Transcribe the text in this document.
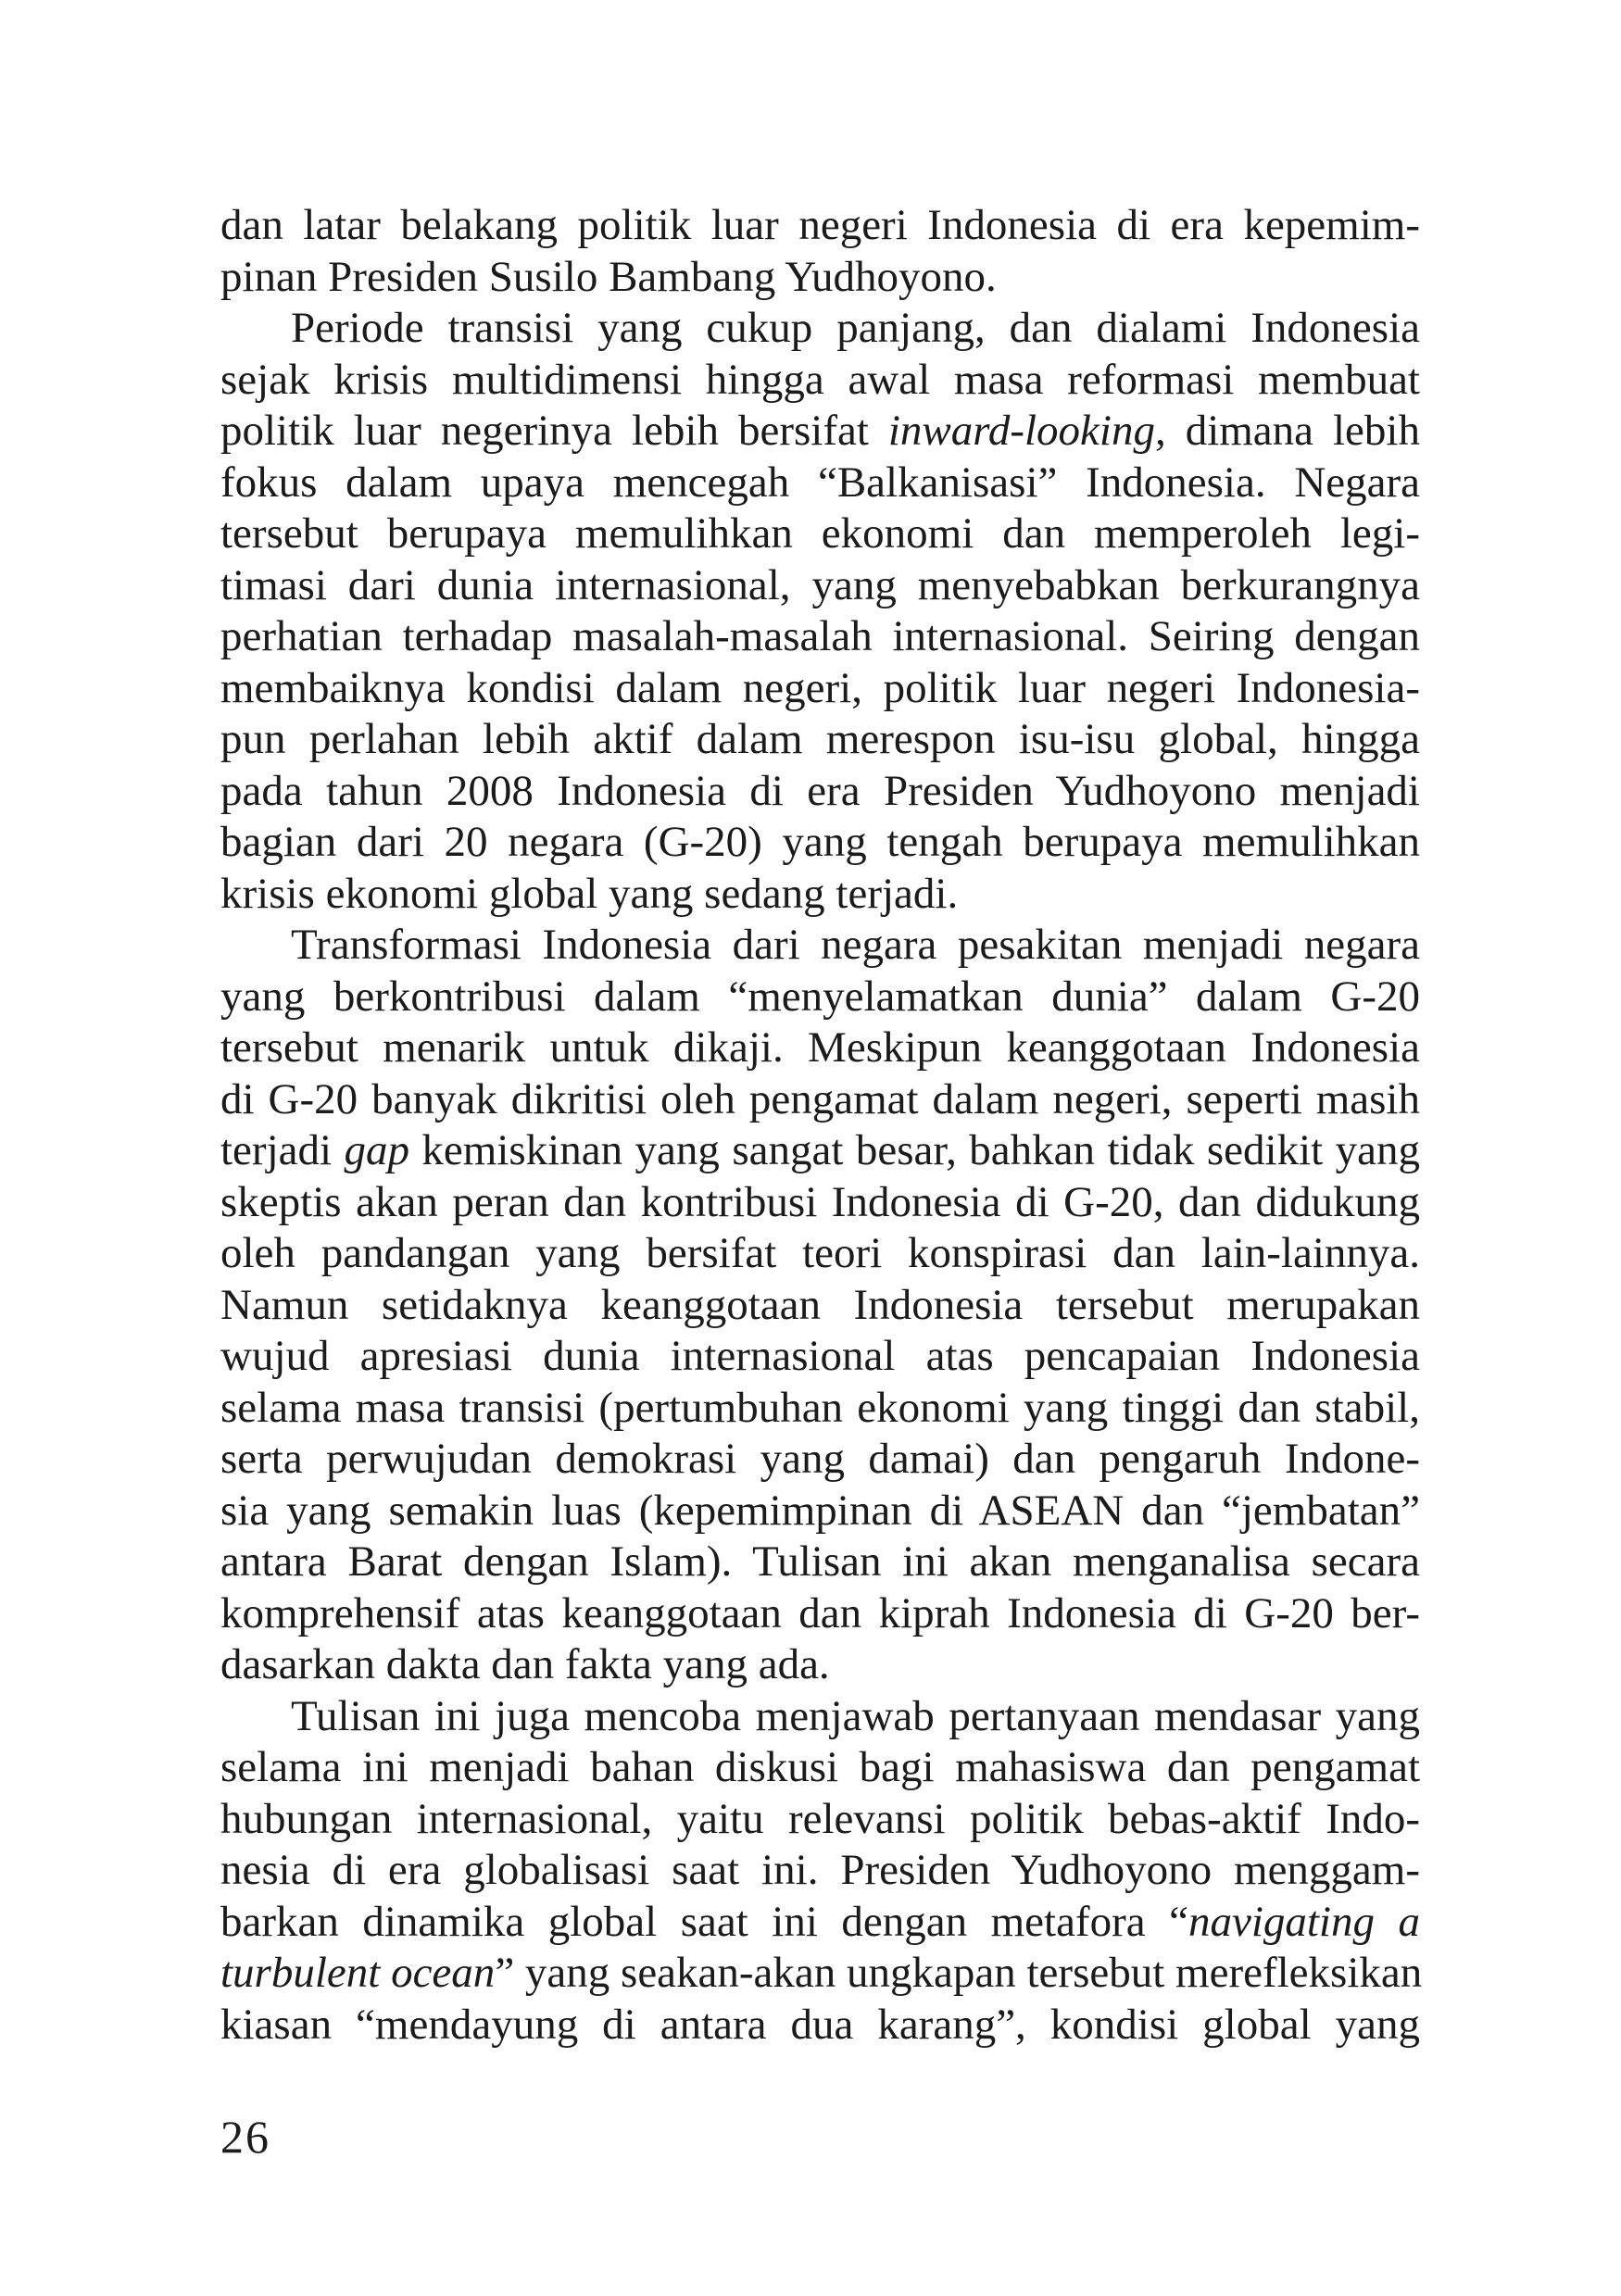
dan latar belakang politik luar negeri Indonesia di era kepemim-
pinan Presiden Susilo Bambang Yudhoyono.
Periode transisi yang cukup panjang, dan dialami Indonesia
sejak krisis multidimensi hingga awal masa reformasi membuat
politik luar negerinya lebih bersifat inward-looking, dimana lebih
fokus dalam upaya mencegah “Balkanisasi” Indonesia. Negara
tersebut berupaya memulihkan ekonomi dan memperoleh legi-
timasi dari dunia internasional, yang menyebabkan berkurangnya
perhatian terhadap masalah-masalah internasional. Seiring dengan
membaiknya kondisi dalam negeri, politik luar negeri Indonesia-
pun perlahan lebih aktif dalam merespon isu-isu global, hingga
pada tahun 2008 Indonesia di era Presiden Yudhoyono menjadi
bagian dari 20 negara (G-20) yang tengah berupaya memulihkan
krisis ekonomi global yang sedang terjadi.
Transformasi Indonesia dari negara pesakitan menjadi negara
yang berkontribusi dalam “menyelamatkan dunia” dalam G-20
tersebut menarik untuk dikaji. Meskipun keanggotaan Indonesia
di G-20 banyak dikritisi oleh pengamat dalam negeri, seperti masih
terjadi gap kemiskinan yang sangat besar, bahkan tidak sedikit yang
skeptis akan peran dan kontribusi Indonesia di G-20, dan didukung
oleh pandangan yang bersifat teori konspirasi dan lain-lainnya.
Namun setidaknya keanggotaan Indonesia tersebut merupakan
wujud apresiasi dunia internasional atas pencapaian Indonesia
selama masa transisi (pertumbuhan ekonomi yang tinggi dan stabil,
serta perwujudan demokrasi yang damai) dan pengaruh Indone-
sia yang semakin luas (kepemimpinan di ASEAN dan “jembatan”
antara Barat dengan Islam). Tulisan ini akan menganalisa secara
komprehensif atas keanggotaan dan kiprah Indonesia di G-20 ber-
dasarkan dakta dan fakta yang ada.
Tulisan ini juga mencoba menjawab pertanyaan mendasar yang
selama ini menjadi bahan diskusi bagi mahasiswa dan pengamat
hubungan internasional, yaitu relevansi politik bebas-aktif Indo-
nesia di era globalisasi saat ini. Presiden Yudhoyono menggam-
barkan dinamika global saat ini dengan metafora “navigating a
turbulent ocean” yang seakan-akan ungkapan tersebut merefleksikan
kiasan “mendayung di antara dua karang”, kondisi global yang
26
